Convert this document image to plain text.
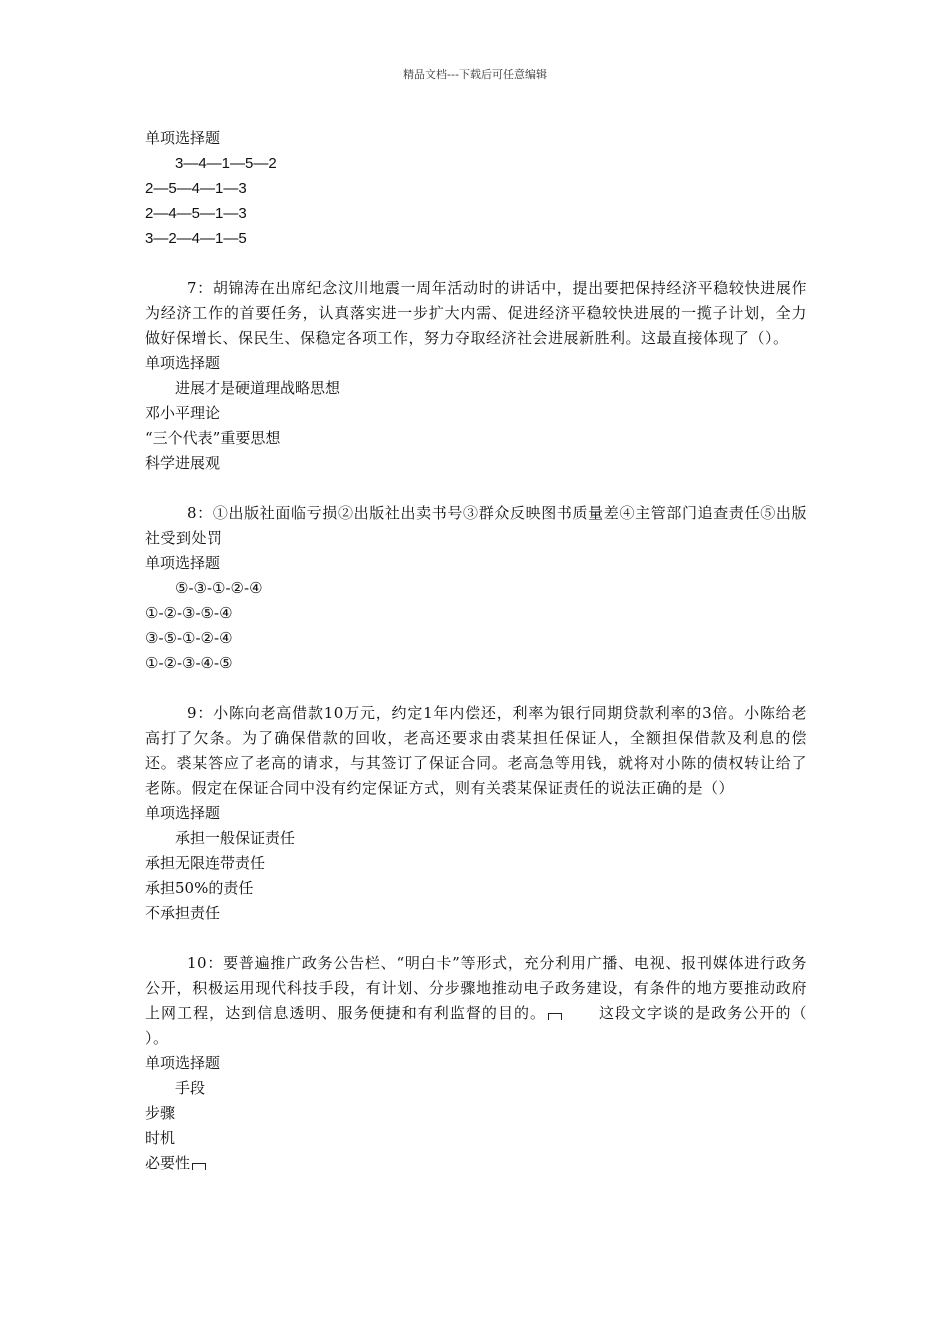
精品文档---下载后可任意编辑
单项选择题
3—4—1—5—2
2—5—4—1—3
2—4—5—1—3
3—2—4—1—5

7：胡锦涛在出席纪念汶川地震一周年活动时的讲话中，提出要把保持经济平稳较快进展作为经济工作的首要任务，认真落实进一步扩大内需、促进经济平稳较快进展的一揽子计划，全力做好保增长、保民生、保稳定各项工作，努力夺取经济社会进展新胜利。这最直接体现了（）。

单项选择题
进展才是硬道理战略思想
邓小平理论
“三个代表”重要思想
科学进展观

8：①出版社面临亏损②出版社出卖书号③群众反映图书质量差④主管部门追查责任⑤出版社受到处罚

单项选择题
⑤-③-①-②-④
①-②-③-⑤-④
③-⑤-①-②-④
①-②-③-④-⑤

9：小陈向老高借款10万元，约定1年内偿还，利率为银行同期贷款利率的3倍。小陈给老高打了欠条。为了确保借款的回收，老高还要求由裘某担任保证人，全额担保借款及利息的偿还。裘某答应了老高的请求，与其签订了保证合同。老高急等用钱，就将对小陈的债权转让给了老陈。假定在保证合同中没有约定保证方式，则有关裘某保证责任的说法正确的是（）

单项选择题
承担一般保证责任
承担无限连带责任
承担50%的责任
不承担责任

10：要普遍推广政务公告栏、“明白卡”等形式，充分利用广播、电视、报刊媒体进行政务公开，积极运用现代科技手段，有计划、分步骤地推动电子政务建设，有条件的地方要推动政府上网工程，达到信息透明、服务便捷和有利监督的目的。	这段文字谈的是政务公开的（ ）。

单项选择题
手段
步骤
时机
必要性
